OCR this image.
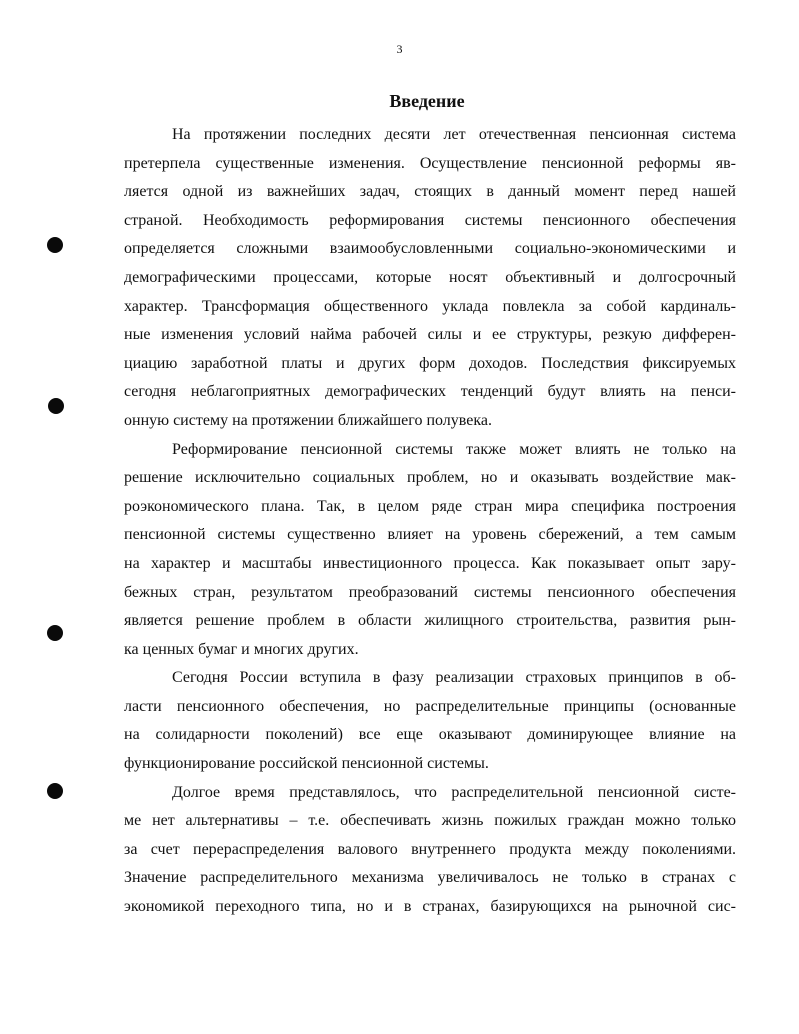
3
Введение
На протяжении последних десяти лет отечественная пенсионная система
претерпела существенные изменения. Осуществление пенсионной реформы яв-
ляется одной из важнейших задач, стоящих в данный момент перед нашей
страной. Необходимость реформирования системы пенсионного обеспечения
определяется сложными взаимообусловленными социально-экономическими и
демографическими процессами, которые носят объективный и долгосрочный
характер. Трансформация общественного уклада повлекла за собой кардиналь-
ные изменения условий найма рабочей силы и ее структуры, резкую дифферен-
циацию заработной платы и других форм доходов. Последствия фиксируемых
сегодня неблагоприятных демографических тенденций будут влиять на пенси-
онную систему на протяжении ближайшего полувека.
Реформирование пенсионной системы также может влиять не только на
решение исключительно социальных проблем, но и оказывать воздействие мак-
роэкономического плана. Так, в целом ряде стран мира специфика построения
пенсионной системы существенно влияет на уровень сбережений, а тем самым
на характер и масштабы инвестиционного процесса. Как показывает опыт зару-
бежных стран, результатом преобразований системы пенсионного обеспечения
является решение проблем в области жилищного строительства, развития рын-
ка ценных бумаг и многих других.
Сегодня России вступила в фазу реализации страховых принципов в об-
ласти пенсионного обеспечения, но распределительные принципы (основанные
на солидарности поколений) все еще оказывают доминирующее влияние на
функционирование российской пенсионной системы.
Долгое время представлялось, что распределительной пенсионной систе-
ме нет альтернативы – т.е. обеспечивать жизнь пожилых граждан можно только
за счет перераспределения валового внутреннего продукта между поколениями.
Значение распределительного механизма увеличивалось не только в странах с
экономикой переходного типа, но и в странах, базирующихся на рыночной сис-
